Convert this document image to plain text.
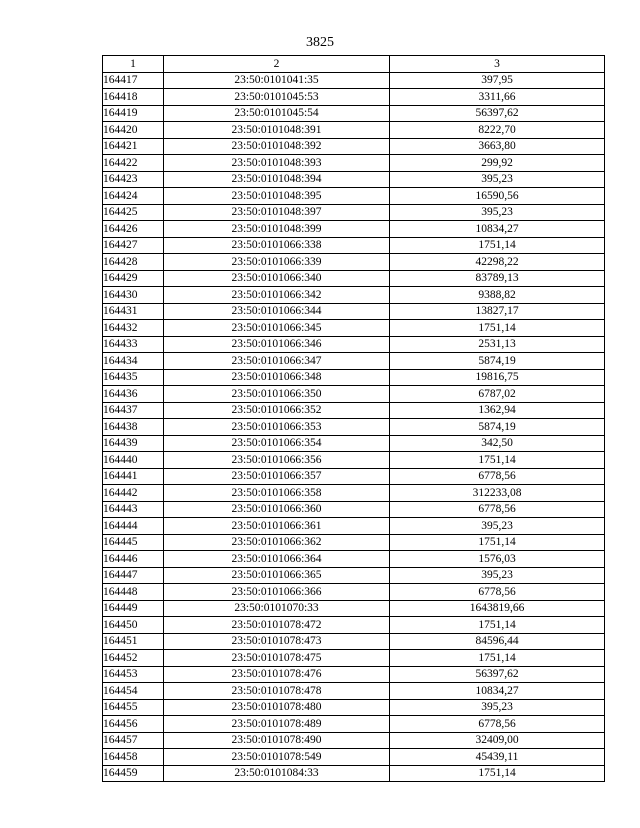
3825
1	2	3
164417	23:50:0101041:35	397,95
164418	23:50:0101045:53	3311,66
164419	23:50:0101045:54	56397,62
164420	23:50:0101048:391	8222,70
164421	23:50:0101048:392	3663,80
164422	23:50:0101048:393	299,92
164423	23:50:0101048:394	395,23
164424	23:50:0101048:395	16590,56
164425	23:50:0101048:397	395,23
164426	23:50:0101048:399	10834,27
164427	23:50:0101066:338	1751,14
164428	23:50:0101066:339	42298,22
164429	23:50:0101066:340	83789,13
164430	23:50:0101066:342	9388,82
164431	23:50:0101066:344	13827,17
164432	23:50:0101066:345	1751,14
164433	23:50:0101066:346	2531,13
164434	23:50:0101066:347	5874,19
164435	23:50:0101066:348	19816,75
164436	23:50:0101066:350	6787,02
164437	23:50:0101066:352	1362,94
164438	23:50:0101066:353	5874,19
164439	23:50:0101066:354	342,50
164440	23:50:0101066:356	1751,14
164441	23:50:0101066:357	6778,56
164442	23:50:0101066:358	312233,08
164443	23:50:0101066:360	6778,56
164444	23:50:0101066:361	395,23
164445	23:50:0101066:362	1751,14
164446	23:50:0101066:364	1576,03
164447	23:50:0101066:365	395,23
164448	23:50:0101066:366	6778,56
164449	23:50:0101070:33	1643819,66
164450	23:50:0101078:472	1751,14
164451	23:50:0101078:473	84596,44
164452	23:50:0101078:475	1751,14
164453	23:50:0101078:476	56397,62
164454	23:50:0101078:478	10834,27
164455	23:50:0101078:480	395,23
164456	23:50:0101078:489	6778,56
164457	23:50:0101078:490	32409,00
164458	23:50:0101078:549	45439,11
164459	23:50:0101084:33	1751,14
